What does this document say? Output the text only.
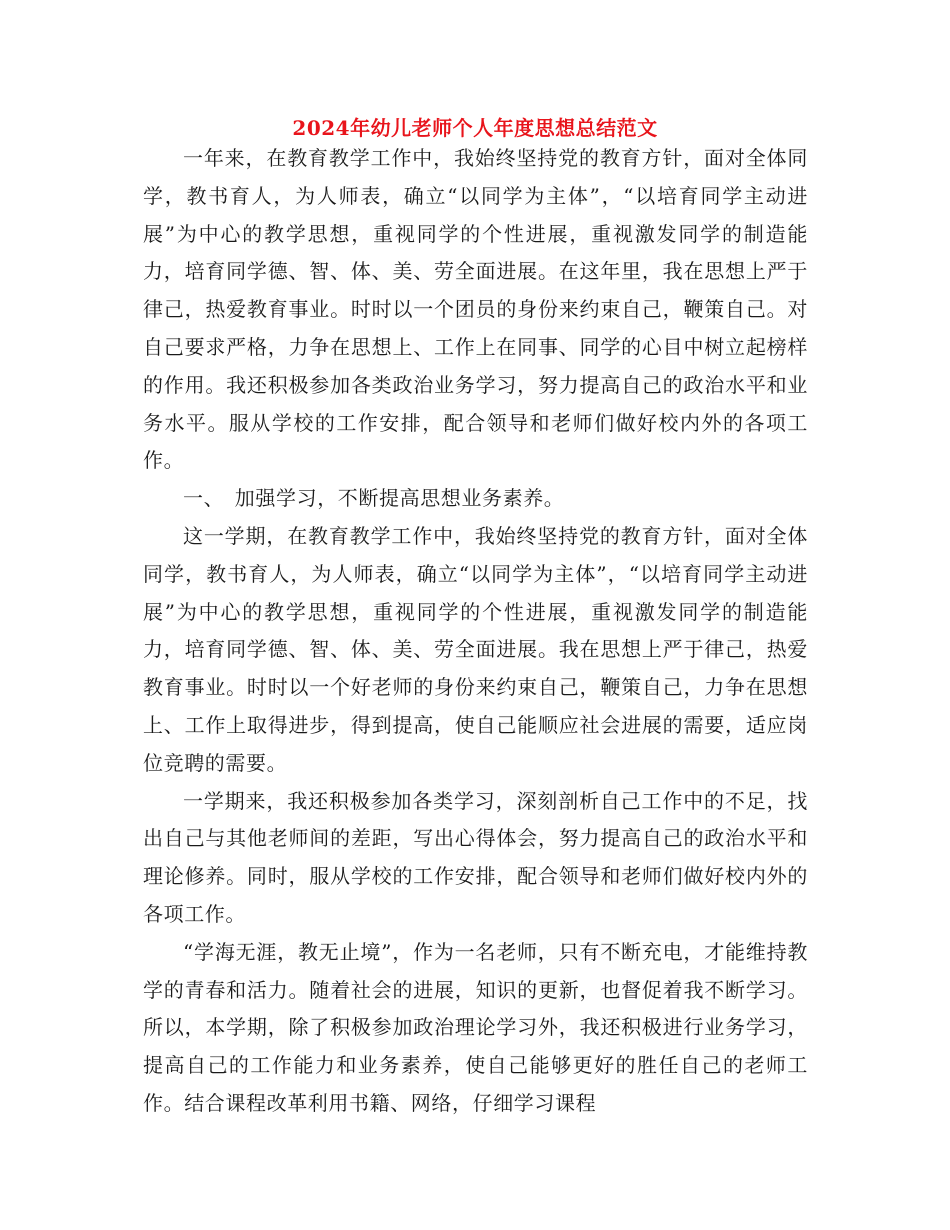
2024年幼儿老师个人年度思想总结范文

一年来，在教育教学工作中，我始终坚持党的教育方针，面对全体同学，教书育人，为人师表，确立“以同学为主体”，“以培育同学主动进展”为中心的教学思想，重视同学的个性进展，重视激发同学的制造能力，培育同学德、智、体、美、劳全面进展。在这年里，我在思想上严于律己，热爱教育事业。时时以一个团员的身份来约束自己，鞭策自己。对自己要求严格，力争在思想上、工作上在同事、同学的心目中树立起榜样的作用。我还积极参加各类政治业务学习，努力提高自己的政治水平和业务水平。服从学校的工作安排，配合领导和老师们做好校内外的各项工作。

一、　加强学习，不断提高思想业务素养。

这一学期，在教育教学工作中，我始终坚持党的教育方针，面对全体同学，教书育人，为人师表，确立“以同学为主体”，“以培育同学主动进展”为中心的教学思想，重视同学的个性进展，重视激发同学的制造能力，培育同学德、智、体、美、劳全面进展。我在思想上严于律己，热爱教育事业。时时以一个好老师的身份来约束自己，鞭策自己，力争在思想上、工作上取得进步，得到提高，使自己能顺应社会进展的需要，适应岗位竞聘的需要。

一学期来，我还积极参加各类学习，深刻剖析自己工作中的不足，找出自己与其他老师间的差距，写出心得体会，努力提高自己的政治水平和理论修养。同时，服从学校的工作安排，配合领导和老师们做好校内外的各项工作。

“学海无涯，教无止境”，作为一名老师，只有不断充电，才能维持教学的青春和活力。随着社会的进展，知识的更新，也督促着我不断学习。所以，本学期，除了积极参加政治理论学习外，我还积极进行业务学习，提高自己的工作能力和业务素养，使自己能够更好的胜任自己的老师工作。结合课程改革利用书籍、网络，仔细学习课程
